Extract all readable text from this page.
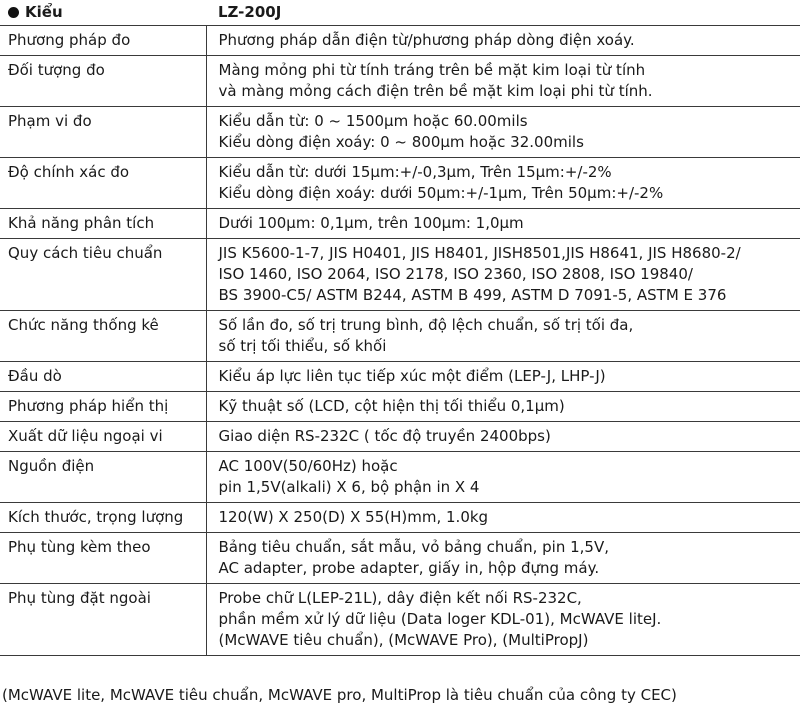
Kiểu	LZ-200J
Phương pháp đo	Phương pháp dẫn điện từ/phương pháp dòng điện xoáy.

Đối tượng đo	Màng mỏng phi từ tính tráng trên bề mặt kim loại từ tính
và màng mỏng cách điện trên bề mặt kim loại phi từ tính.

Phạm vi đo	Kiểu dẫn từ: 0 ~ 1500μm hoặc 60.00mils
Kiểu dòng điện xoáy: 0 ~ 800μm hoặc 32.00mils

Độ chính xác đo	Kiểu dẫn từ: dưới 15μm:+/-0,3μm, Trên 15μm:+/-2%
Kiểu dòng điện xoáy: dưới 50μm:+/-1μm, Trên 50μm:+/-2%

Khả năng phân tích	Dưới 100μm: 0,1μm, trên 100μm: 1,0μm

Quy cách tiêu chuẩn	JIS K5600-1-7, JIS H0401, JIS H8401, JISH8501,JIS H8641, JIS H8680-2/
ISO 1460, ISO 2064, ISO 2178, ISO 2360, ISO 2808, ISO 19840/
BS 3900-C5/ ASTM B244, ASTM B 499, ASTM D 7091-5, ASTM E 376

Chức năng thống kê	Số lần đo, số trị trung bình, độ lệch chuẩn, số trị tối đa,
số trị tối thiểu, số khối

Đầu dò	Kiểu áp lực liên tục tiếp xúc một điểm (LEP-J, LHP-J)

Phương pháp hiển thị	Kỹ thuật số (LCD, cột hiện thị tối thiểu 0,1μm)

Xuất dữ liệu ngoại vi	Giao diện RS-232C ( tốc độ truyền 2400bps)

Nguồn điện	AC 100V(50/60Hz) hoặc
pin 1,5V(alkali) X 6, bộ phận in X 4

Kích thước, trọng lượng	120(W) X 250(D) X 55(H)mm, 1.0kg

Phụ tùng kèm theo	Bảng tiêu chuẩn, sắt mẫu, vỏ bảng chuẩn, pin 1,5V,
AC adapter, probe adapter, giấy in, hộp đựng máy.

Phụ tùng đặt ngoài	Probe chữ L(LEP-21L), dây điện kết nối RS-232C,
phần mềm xử lý dữ liệu (Data loger KDL-01), McWAVE liteJ.
(McWAVE tiêu chuẩn), (McWAVE Pro), (MultiPropJ)
(McWAVE lite, McWAVE tiêu chuẩn, McWAVE pro, MultiProp là tiêu chuẩn của công ty CEC)
